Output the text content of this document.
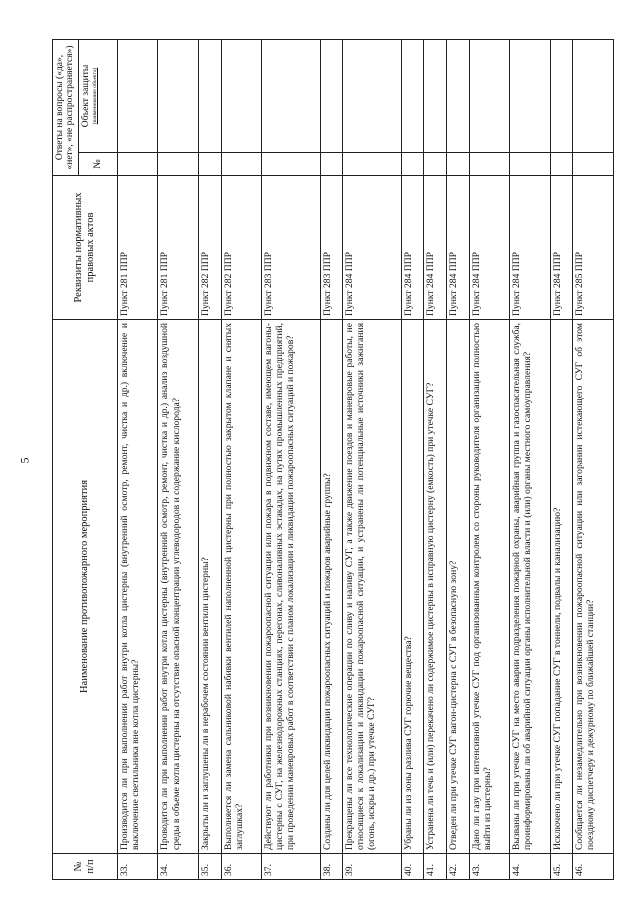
5
№ п/п	Наименование противопожарного мероприятия	Реквизиты нормативных правовых актов	Ответы на вопросы («да», «нет», «не распространяется») №
Объект защиты (наименование объекта)

33.	Производится ли при выполнении работ внутри котла цистерны (внутренний осмотр, ремонт, чистка и др.) включение и выключение светильника вне котла цистерны?	Пункт 281 ППР	

34.	Проводится ли при выполнении работ внутри котла цистерны (внутренний осмотр, ремонт, чистка и др.) анализ воздушной среды в объеме котла цистерны на отсутствие опасной концентрации углеводородов и содержание кислорода?	Пункт 281 ППР	

35.	Закрыты ли и заглушены ли в нерабочем состоянии вентили цистерны?	Пункт 282 ППР	

36.	Выполняется ли замена сальниковой набивки вентилей наполненной цистерны при полностью закрытом клапане и снятых заглушках?	Пункт 282 ППР	

37.	Действуют ли работники при возникновении пожароопасной ситуации или пожара в подвижном составе, имеющем вагоны-цистерны с СУГ, на железнодорожных станциях, перегонах, сливоналивных эстакадах, на путях промышленных предприятий, при проведении маневровых работ в соответствии с планом локализации и ликвидации пожароопасных ситуаций и пожаров?	Пункт 283 ППР	

38.	Созданы ли для целей ликвидации пожароопасных ситуаций и пожаров аварийные группы?	Пункт 283 ППР	

39.	Прекращены ли все технологические операции по сливу и наливу СУГ, а также движение поездов и маневровые работы, не относящиеся к локализации и ликвидации пожароопасной ситуации, и устранены ли потенциальные источники зажигания (огонь, искры и др.) при утечке СУГ?	Пункт 284 ППР	

40.	Убраны ли из зоны разлива СУГ горючие вещества?	Пункт 284 ППР	

41.	Устранена ли течь и (или) перекачено ли содержимое цистерны в исправную цистерну (емкость) при утечке СУГ?	Пункт 284 ППР	

42.	Отведен ли при утечке СУГ вагон-цистерна с СУГ в безопасную зону?	Пункт 284 ППР	

43.	Дано ли газу при интенсивной утечке СУГ под организованным контролем со стороны руководителя организации полностью выйти из цистерны?	Пункт 284 ППР	

44.	Вызваны ли при утечке СУГ на место аварии подразделения пожарной охраны, аварийная группа и газоспасательная служба, проинформированы ли об аварийной ситуации органы исполнительной власти и (или) органы местного самоуправления?	Пункт 284 ППР	

45.	Исключено ли при утечке СУГ попадание СУГ в тоннели, подвалы и канализацию?	Пункт 284 ППР	

46.	Сообщается ли незамедлительно при возникновении пожароопасной ситуации или загорании истекающего СУГ об этом поездному диспетчеру и дежурному по ближайшей станции?	Пункт 285 ППР	
